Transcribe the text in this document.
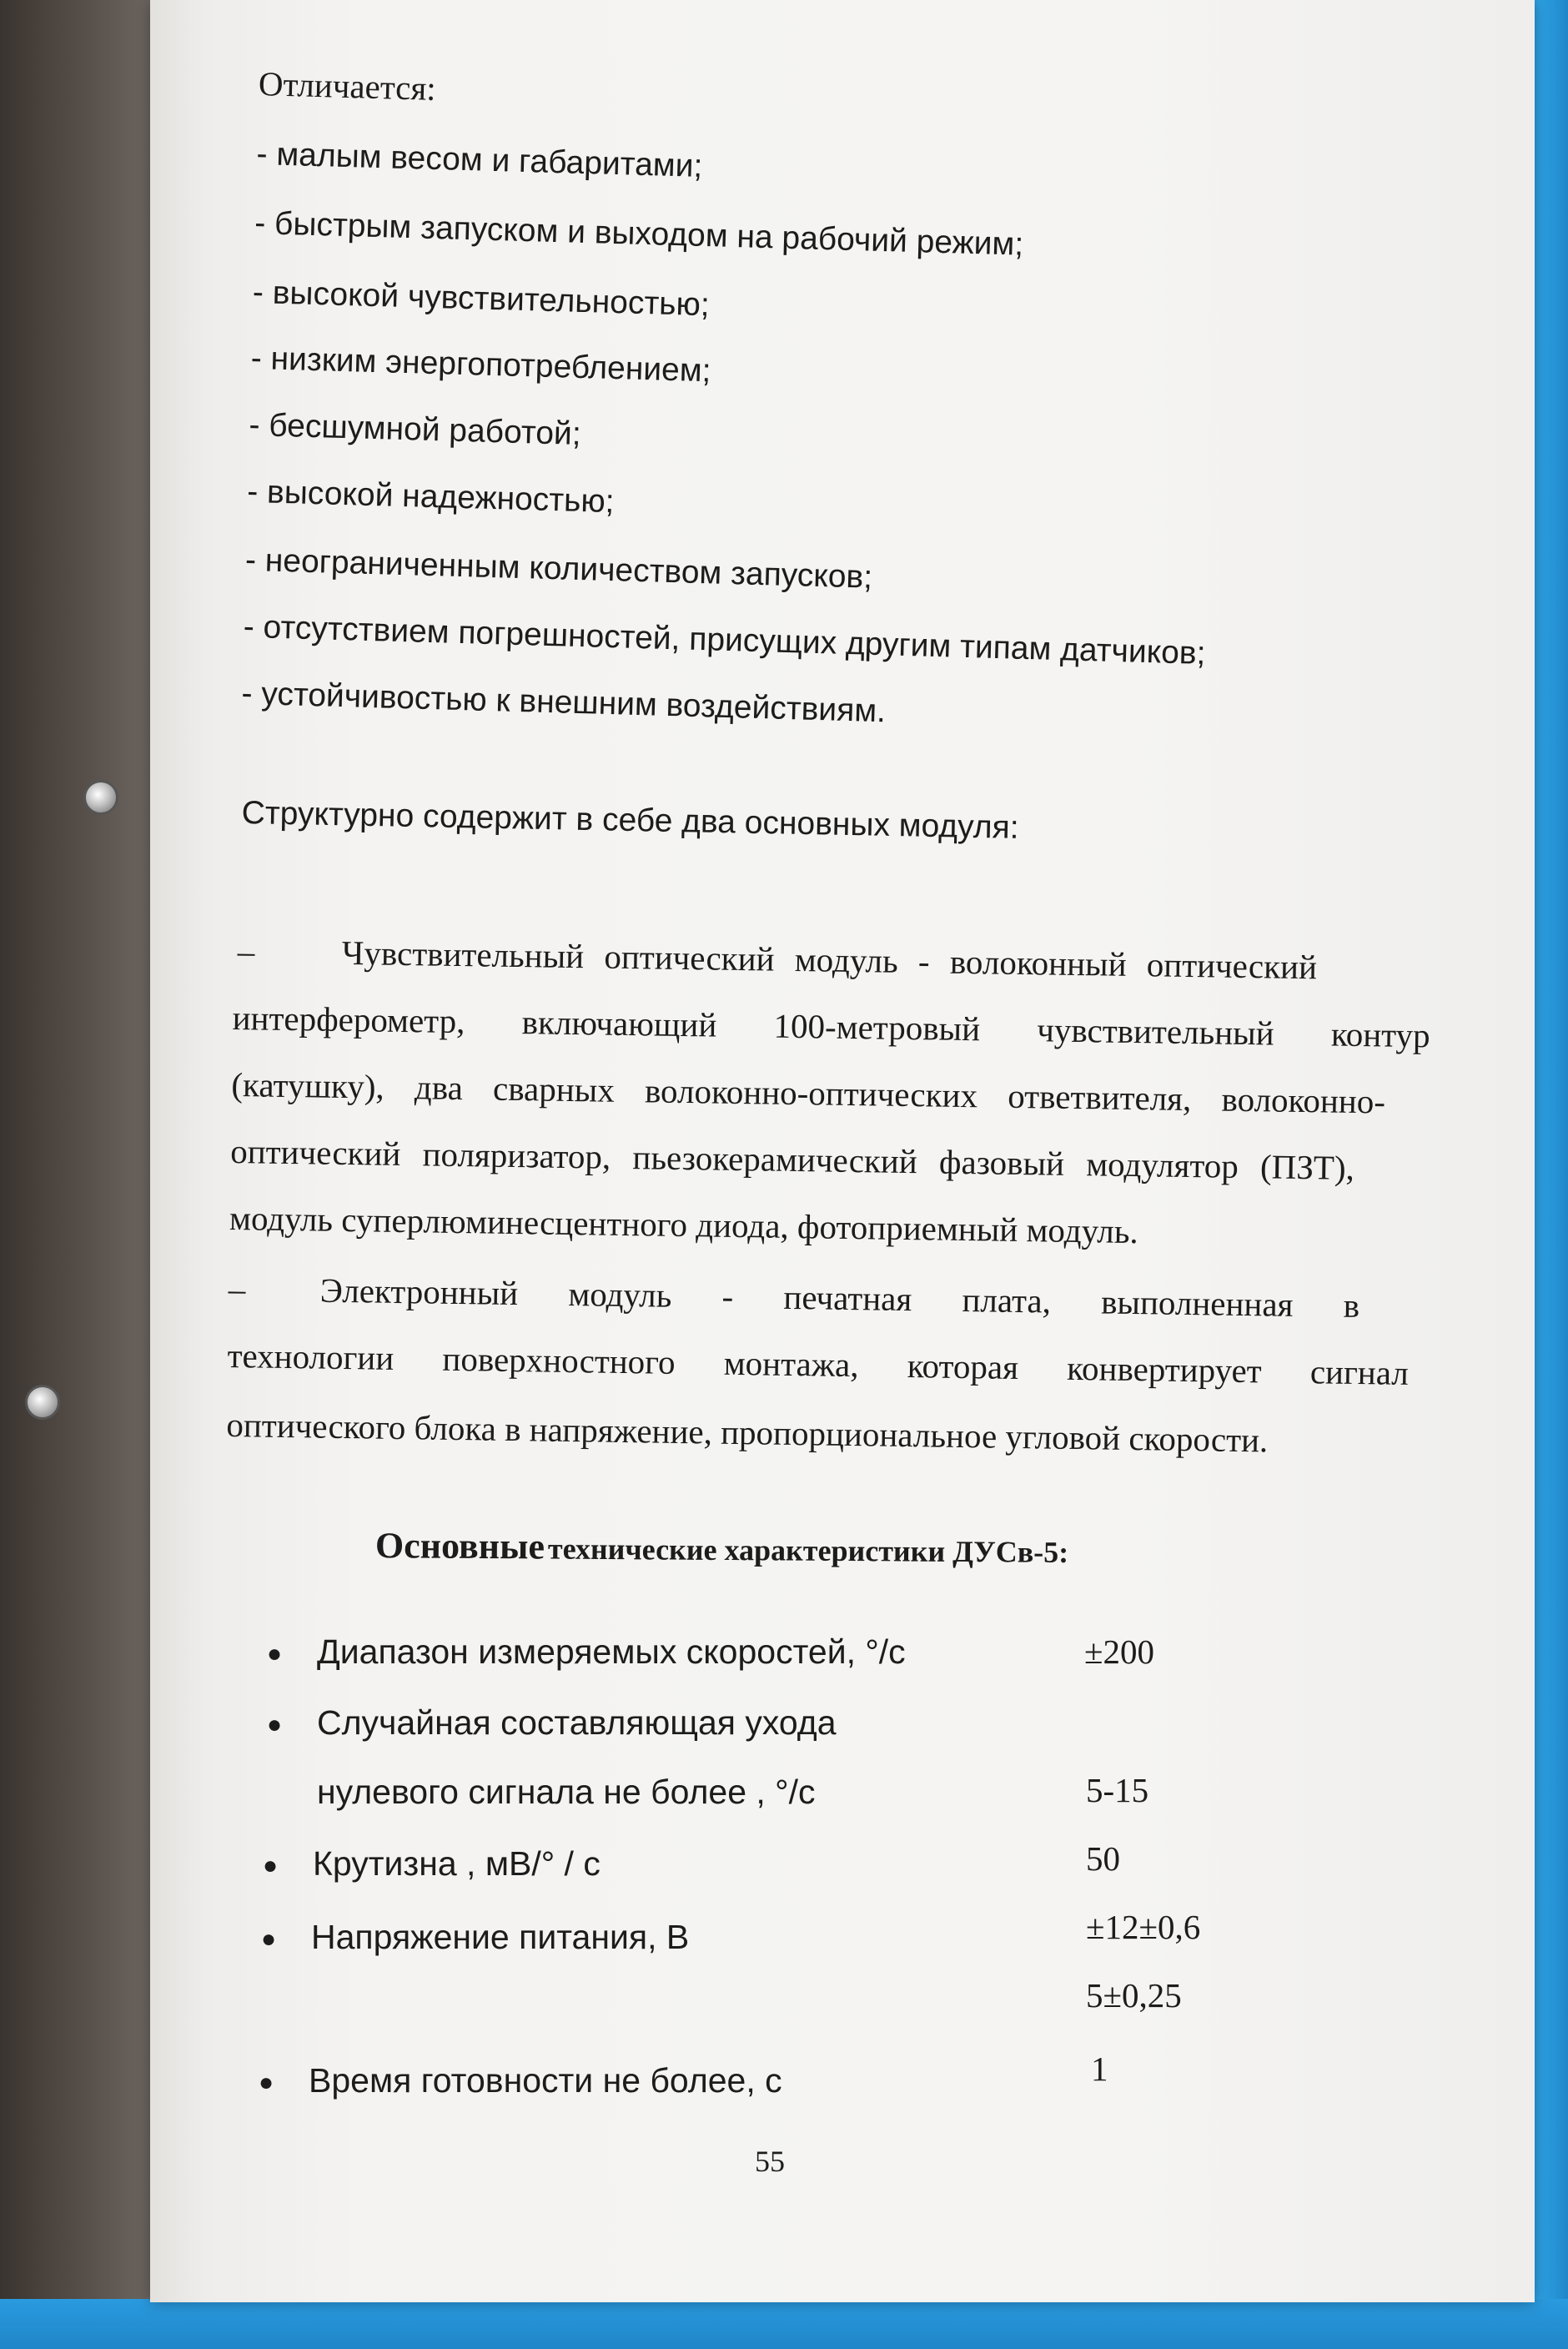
Отличается:
- малым весом и габаритами;
- быстрым запуском и выходом на рабочий режим;
- высокой чувствительностью;
- низким энергопотреблением;
- бесшумной работой;
- высокой надежностью;
- неограниченным количеством запусков;
- отсутствием погрешностей, присущих другим типам датчиков;
- устойчивостью к внешним воздействиям.
Структурно содержит в себе два основных модуля:
–	Чувствительный оптический модуль - волоконный оптический
интерферометр, включающий 100-метровый чувствительный контур
(катушку), два сварных волоконно-оптических ответвителя, волоконно-
оптический поляризатор, пьезокерамический фазовый модулятор (ПЗТ),
модуль суперлюминесцентного диода, фотоприемный модуль.
– Электронный модуль - печатная плата, выполненная в
технологии поверхностного монтажа, которая конвертирует сигнал
оптического блока в напряжение, пропорциональное угловой скорости.
Основные технические характеристики ДУСв-5:
● Диапазон измеряемых скоростей, °/с	±200
● Случайная составляющая ухода
нулевого сигнала не более , °/с	5-15
● Крутизна , мВ/° / с	50
● Напряжение питания, В	±12±0,6
5±0,25
● Время готовности не более, с	1
55
